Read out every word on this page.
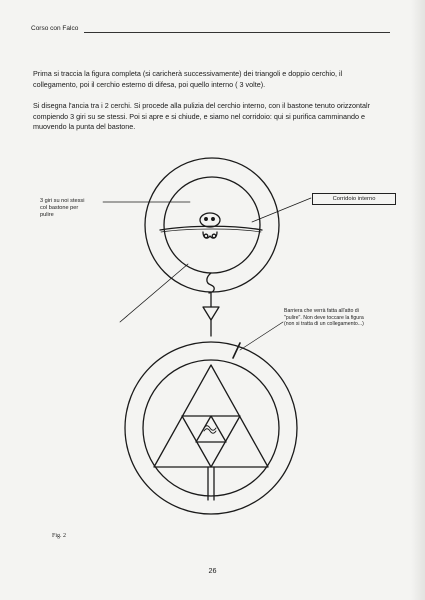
Corso con Falco
Prima si traccia la figura completa (si caricherà successivamente) dei triangoli e doppio cerchio, il
collegamento, poi il cerchio esterno di difesa, poi quello interno ( 3 volte).
Si disegna l'ancia tra i 2 cerchi. Si procede alla pulizia del cerchio interno, con il bastone tenuto orizzontalr
compiendo 3 giri su se stessi. Poi si apre e si chiude, e siamo nel corridoio: qui si purifica camminando e
muovendo la punta del bastone.
3 giri su noi stessi
col bastone per
pulire
Corridoio interno
Barriera che verrà fatta all'atto di
"pulire". Non deve toccare la figura
(non si tratta di un collegamento...)
Fig. 2
26
